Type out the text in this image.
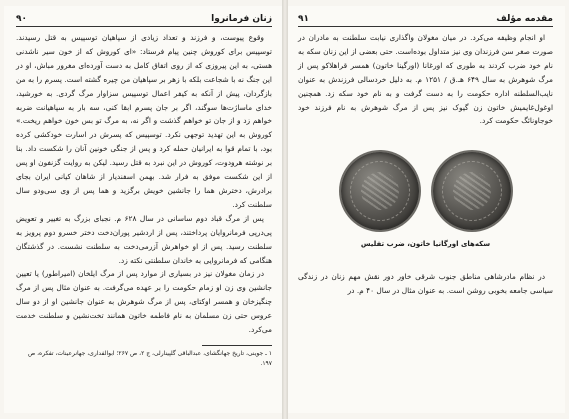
زنان فرمانروا
۹۰

وقوع پیوست، و فرزند و تعداد زیادی از سپاهیان توسپیس به قتل رسیدند. توسپیس برای کوروش چنین پیام فرستاد: «ای کوروش که از خون سیر ناشدنی هستی، به این پیروزی که از روی اتفاق کامل به دست آورده‌ای مغرور مباش، او در این جنگ نه با شجاعت بلکه با زهر بر سپاهیان من چیره گشته است. پسرم را به من بازگردان، پیش از آنکه به کیفر اعمال توسپیس سزاوار مرگ گردی. به خورشید، خدای ماساژت‌ها سوگند، اگر بر جان پسرم ابقا کنی، سه بار به سپاهیانت ضربه خواهم زد و از جان تو خواهم گذشت و اگر نه، به مرگ تو بس خون خواهم ریخت.» کوروش به این تهدید توجهی نکرد. توسپیس که پسرش در اسارت خودکشی کرده بود، با تمام قوا به ایرانیان حمله کرد و پس از جنگی خونین آنان را شکست داد. بنا بر نوشته هرودوت، کوروش در این نبرد به قتل رسید. لیکن به روایت گزنفون او پس از این شکست موفق به فرار شد. بهمن اسفندیار از شاهان کیانی ایران بجای برادرش، دخترش هما را جانشین خویش برگزید و هما پس از وی سی‌ودو سال سلطنت کرد.

پس از مرگ قباد دوم ساسانی در سال ۶۲۸ م. نجبای بزرگ به تغییر و تعویض پی‌درپی فرمانروایان پرداختند، پس از اردشیر پوران‌دخت دختر خسرو دوم پرویز به سلطنت رسید. پس از او خواهرش آزرمی‌دخت به سلطنت نشست. در گذشتگان هنگامی که فرمانروایی به خاندان سلطنتی نکته زد.

در زمان مغولان نیز در بسیاری از موارد پس از مرگ ایلخان (امیراطور) یا تعیین جانشین وی زن او زمام حکومت را بر عهده می‌گرفت. به عنوان مثال پس از مرگ چنگیزخان و همسر اوکتای، پس از مرگ شوهرش به عنوان جانشین او از دو سال عروس حتی زن مسلمان به نام فاطمه خاتون همانند تخت‌نشین و سلطنت خدمت می‌کرد.

۱ ـ جوینی، تاریخ جهانگشای، عبدالباقی گلپینارلی، ج ۲، ص ۲۶۷؛ ابوالفداری، جهانرعینات، تفکره، ص ۱۹۷.
مقدمه مؤلف
۹۱

او انجام وظیفه می‌کرد. در میان مغولان واگذاری نیابت سلطنت به مادران در صورت صغر سن فرزندان وی نیز متداول بوده‌است. حتی بعضی از این زنان سکه به نام خود ضرب کردند به طوری که اورغانا (اورگینا خاتون) همسر قراهلاکو پس از مرگ شوهرش به سال ۶۴۹ هـ.ق / ۱۲۵۱ م. به دلیل خردسالی فرزندش به عنوان نایب‌السلطنه اداره حکومت را به دست گرفت و به نام خود سکه زد. همچنین اوغول‌غایمیش خاتون زن گیوک نیز پس از مرگ شوهرش به نام فرزند خود خوجاونائگ حکومت کرد.

سکه‌های اورگانیا خاتون، ضرب تفلیس

در نظام مادرشاهی مناطق جنوب شرقی خاور دور نقش مهم زنان در زندگی سیاسی جامعه بخوبی روشن است. به عنوان مثال در سال ۴۰ م. در
